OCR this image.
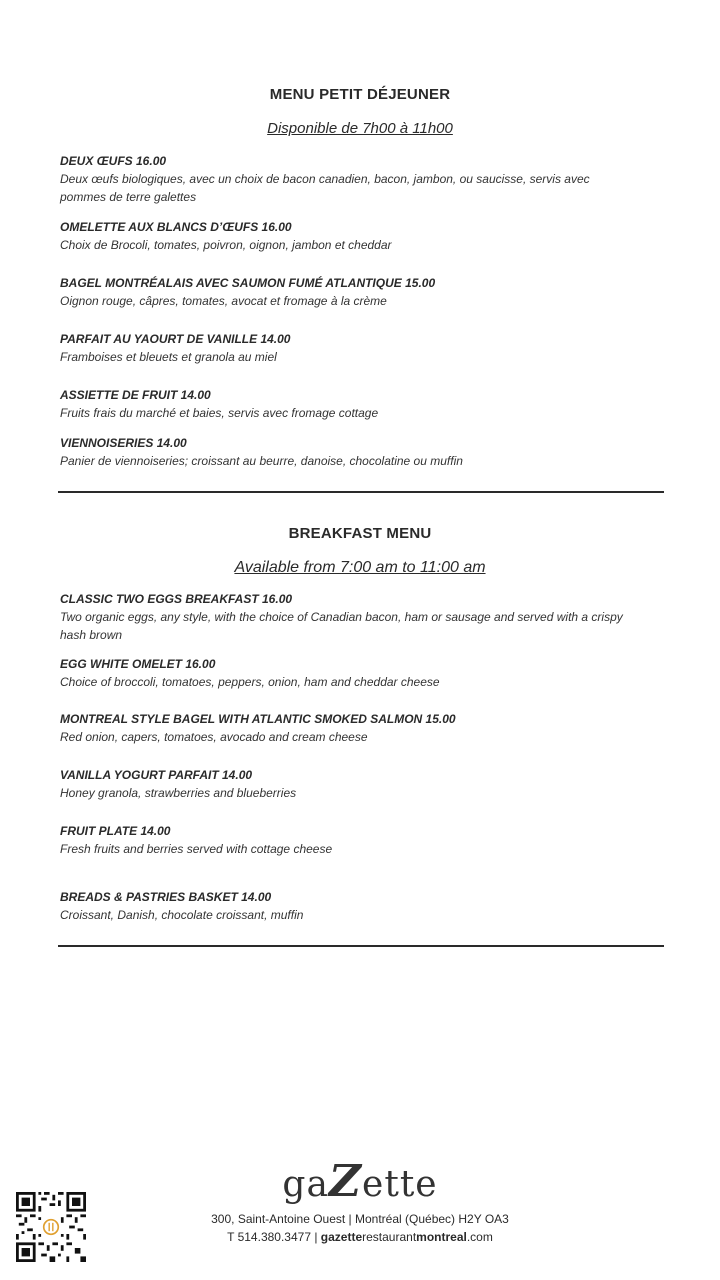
MENU PETIT DÉJEUNER

Disponible de 7h00 à 11h00

DEUX ŒUFS 16.00

Deux œufs biologiques, avec un choix de bacon canadien, bacon, jambon, ou saucisse, servis avec

pommes de terre galettes

OMELETTE AUX BLANCS D’ŒUFS 16.00

Choix de Brocoli, tomates, poivron, oignon, jambon et cheddar

BAGEL MONTRÉALAIS AVEC SAUMON FUMÉ ATLANTIQUE 15.00

Oignon rouge, câpres, tomates, avocat et fromage à la crème

PARFAIT AU YAOURT DE VANILLE 14.00

Framboises et bleuets et granola au miel

ASSIETTE DE FRUIT 14.00

Fruits frais du marché et baies, servis avec fromage cottage

VIENNOISERIES 14.00

Panier de viennoiseries; croissant au beurre, danoise, chocolatine ou muffin

BREAKFAST MENU

Available from 7:00 am to 11:00 am

CLASSIC TWO EGGS BREAKFAST 16.00

Two organic eggs, any style, with the choice of Canadian bacon, ham or sausage and served with a crispy

hash brown

EGG WHITE OMELET 16.00

Choice of broccoli, tomatoes, peppers, onion, ham and cheddar cheese

MONTREAL STYLE BAGEL WITH ATLANTIC SMOKED SALMON 15.00

Red onion, capers, tomatoes, avocado and cream cheese

VANILLA YOGURT PARFAIT 14.00

Honey granola, strawberries and blueberries

FRUIT PLATE 14.00

Fresh fruits and berries served with cottage cheese

BREADS & PASTRIES BASKET 14.00

Croissant, Danish, chocolate croissant, muffin

gaZette
300, Saint-Antoine Ouest | Montréal (Québec) H2Y OA3
T 514.380.3477 | gazetterestaurantmontreal.com
